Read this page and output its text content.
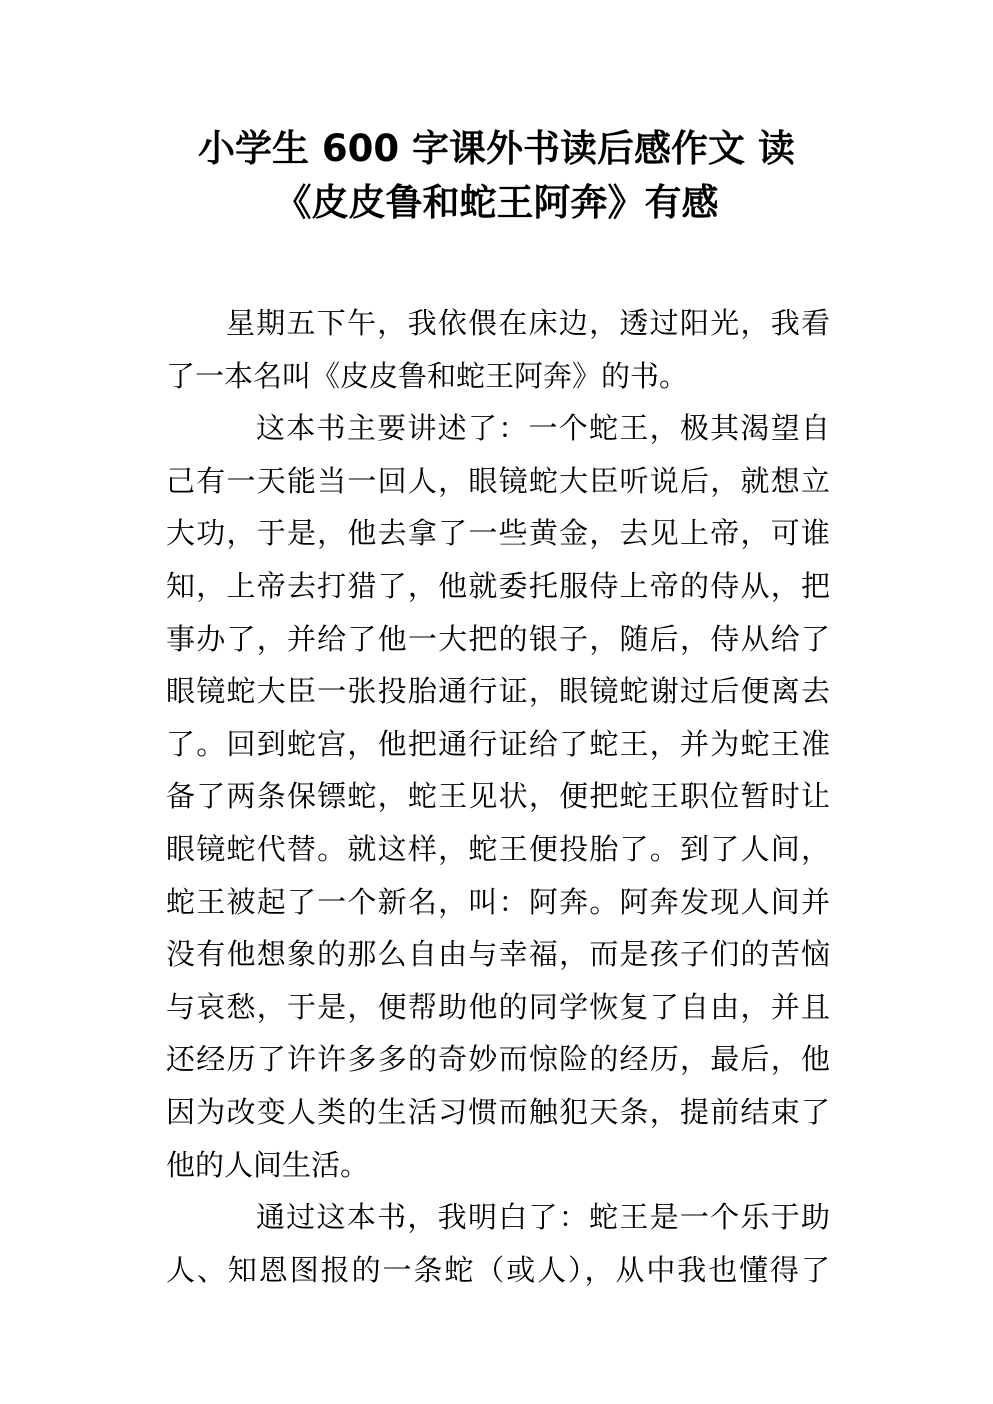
小学生 600 字课外书读后感作文 读
《皮皮鲁和蛇王阿奔》有感
星期五下午，我依偎在床边，透过阳光，我看
了一本名叫《皮皮鲁和蛇王阿奔》的书。
这本书主要讲述了：一个蛇王，极其渴望自
己有一天能当一回人，眼镜蛇大臣听说后，就想立
大功，于是，他去拿了一些黄金，去见上帝，可谁
知，上帝去打猎了，他就委托服侍上帝的侍从，把
事办了，并给了他一大把的银子，随后，侍从给了
眼镜蛇大臣一张投胎通行证，眼镜蛇谢过后便离去
了。回到蛇宫，他把通行证给了蛇王，并为蛇王准
备了两条保镖蛇，蛇王见状，便把蛇王职位暂时让
眼镜蛇代替。就这样，蛇王便投胎了。到了人间，
蛇王被起了一个新名，叫：阿奔。阿奔发现人间并
没有他想象的那么自由与幸福，而是孩子们的苦恼
与哀愁，于是，便帮助他的同学恢复了自由，并且
还经历了许许多多的奇妙而惊险的经历，最后，他
因为改变人类的生活习惯而触犯天条，提前结束了
他的人间生活。
通过这本书，我明白了：蛇王是一个乐于助
人、知恩图报的一条蛇（或人），从中我也懂得了
